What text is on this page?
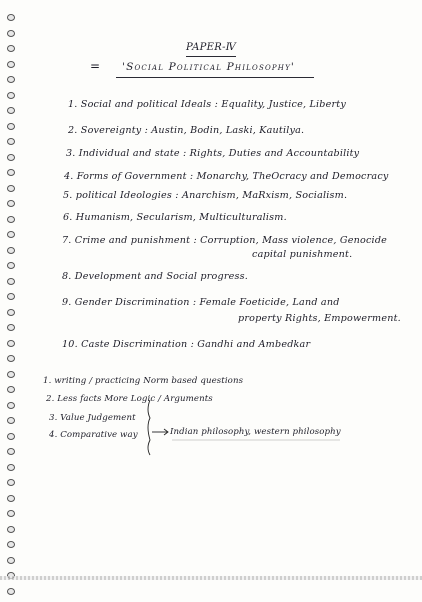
PAPER-Ⅳ
'Social Political Philosophy'
=
1. Social and political Ideals : Equality, Justice, Liberty
2. Sovereignty : Austin, Bodin, Laski, Kautilya.
3. Individual and state : Rights, Duties and Accountability
4. Forms of Government : Monarchy, TheOcracy and Democracy
5. political Ideologies : Anarchism, MaRxism, Socialism.
6. Humanism, Secularism, Multiculturalism.
7. Crime and punishment : Corruption, Mass violence, Genocide
capital punishment.
8. Development and Social progress.
9. Gender Discrimination : Female Foeticide, Land and
property Rights, Empowerment.
10. Caste Discrimination : Gandhi and Ambedkar
1. writing / practicing Norm based questions
2. Less facts More Logic / Arguments
3. Value Judgement
4. Comparative way	Indian philosophy, western philosophy
